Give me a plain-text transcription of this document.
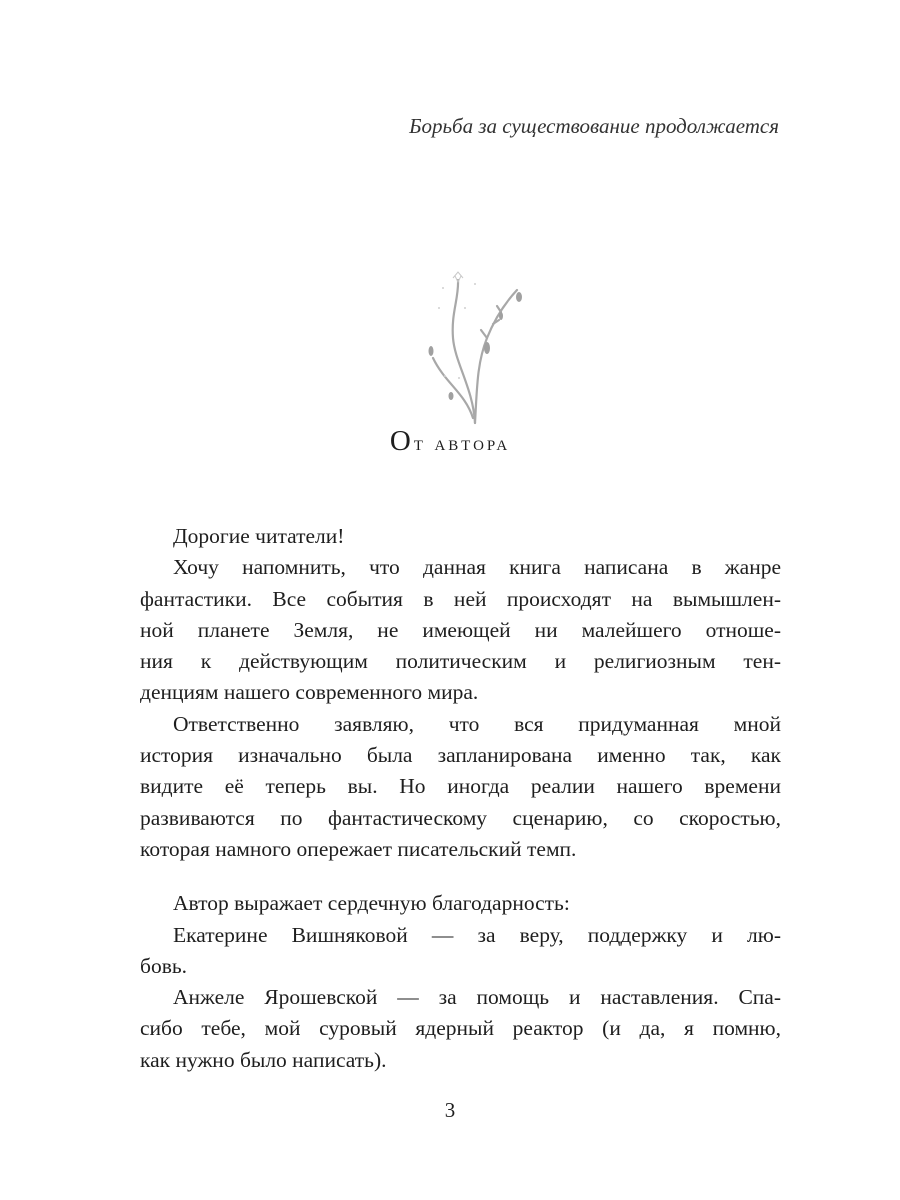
Борьба за существование продолжается
От автора
Дорогие читатели!
Хочу напомнить, что данная книга написана в жанре
фантастики. Все события в ней происходят на вымышлен-
ной планете Земля, не имеющей ни малейшего отноше-
ния к действующим политическим и религиозным тен-
денциям нашего современного мира.
Ответственно заявляю, что вся придуманная мной
история изначально была запланирована именно так, как
видите её теперь вы. Но иногда реалии нашего времени
развиваются по фантастическому сценарию, со скоростью,
которая намного опережает писательский темп.
Автор выражает сердечную благодарность:
Екатерине Вишняковой — за веру, поддержку и лю-
бовь.
Анжеле Ярошевской — за помощь и наставления. Спа-
сибо тебе, мой суровый ядерный реактор (и да, я помню,
как нужно было написать).
3
